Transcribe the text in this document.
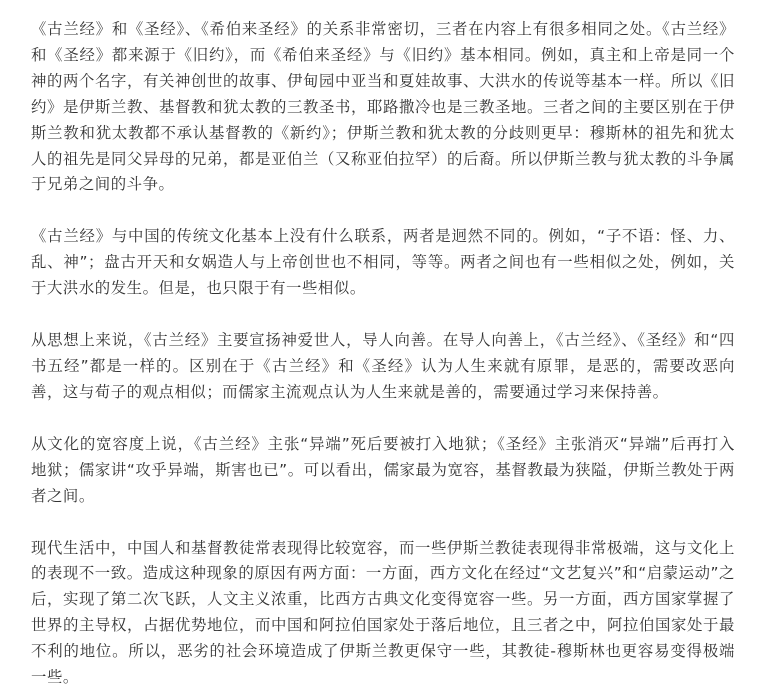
《古兰经》和《圣经》、《希伯来圣经》的关系非常密切，三者在内容上有很多相同之处。《古兰经》和《圣经》都来源于《旧约》，而《希伯来圣经》与《旧约》基本相同。例如，真主和上帝是同一个神的两个名字，有关神创世的故事、伊甸园中亚当和夏娃故事、大洪水的传说等基本一样。所以《旧约》是伊斯兰教、基督教和犹太教的三教圣书，耶路撒冷也是三教圣地。三者之间的主要区别在于伊斯兰教和犹太教都不承认基督教的《新约》；伊斯兰教和犹太教的分歧则更早：穆斯林的祖先和犹太人的祖先是同父异母的兄弟，都是亚伯兰（又称亚伯拉罕）的后裔。所以伊斯兰教与犹太教的斗争属于兄弟之间的斗争。

《古兰经》与中国的传统文化基本上没有什么联系，两者是迥然不同的。例如，“子不语：怪、力、乱、神”；盘古开天和女娲造人与上帝创世也不相同，等等。两者之间也有一些相似之处，例如，关于大洪水的发生。但是，也只限于有一些相似。

从思想上来说，《古兰经》主要宣扬神爱世人，导人向善。在导人向善上，《古兰经》、《圣经》和“四书五经”都是一样的。区别在于《古兰经》和《圣经》认为人生来就有原罪，是恶的，需要改恶向善，这与荀子的观点相似；而儒家主流观点认为人生来就是善的，需要通过学习来保持善。

从文化的宽容度上说，《古兰经》主张“异端”死后要被打入地狱；《圣经》主张消灭“异端”后再打入地狱；儒家讲“攻乎异端，斯害也已”。可以看出，儒家最为宽容，基督教最为狭隘，伊斯兰教处于两者之间。

现代生活中，中国人和基督教徒常表现得比较宽容，而一些伊斯兰教徒表现得非常极端，这与文化上的表现不一致。造成这种现象的原因有两方面：一方面，西方文化在经过“文艺复兴”和“启蒙运动”之后，实现了第二次飞跃，人文主义浓重，比西方古典文化变得宽容一些。另一方面，西方国家掌握了世界的主导权，占据优势地位，而中国和阿拉伯国家处于落后地位，且三者之中，阿拉伯国家处于最不利的地位。所以，恶劣的社会环境造成了伊斯兰教更保守一些，其教徒-穆斯林也更容易变得极端一些。
